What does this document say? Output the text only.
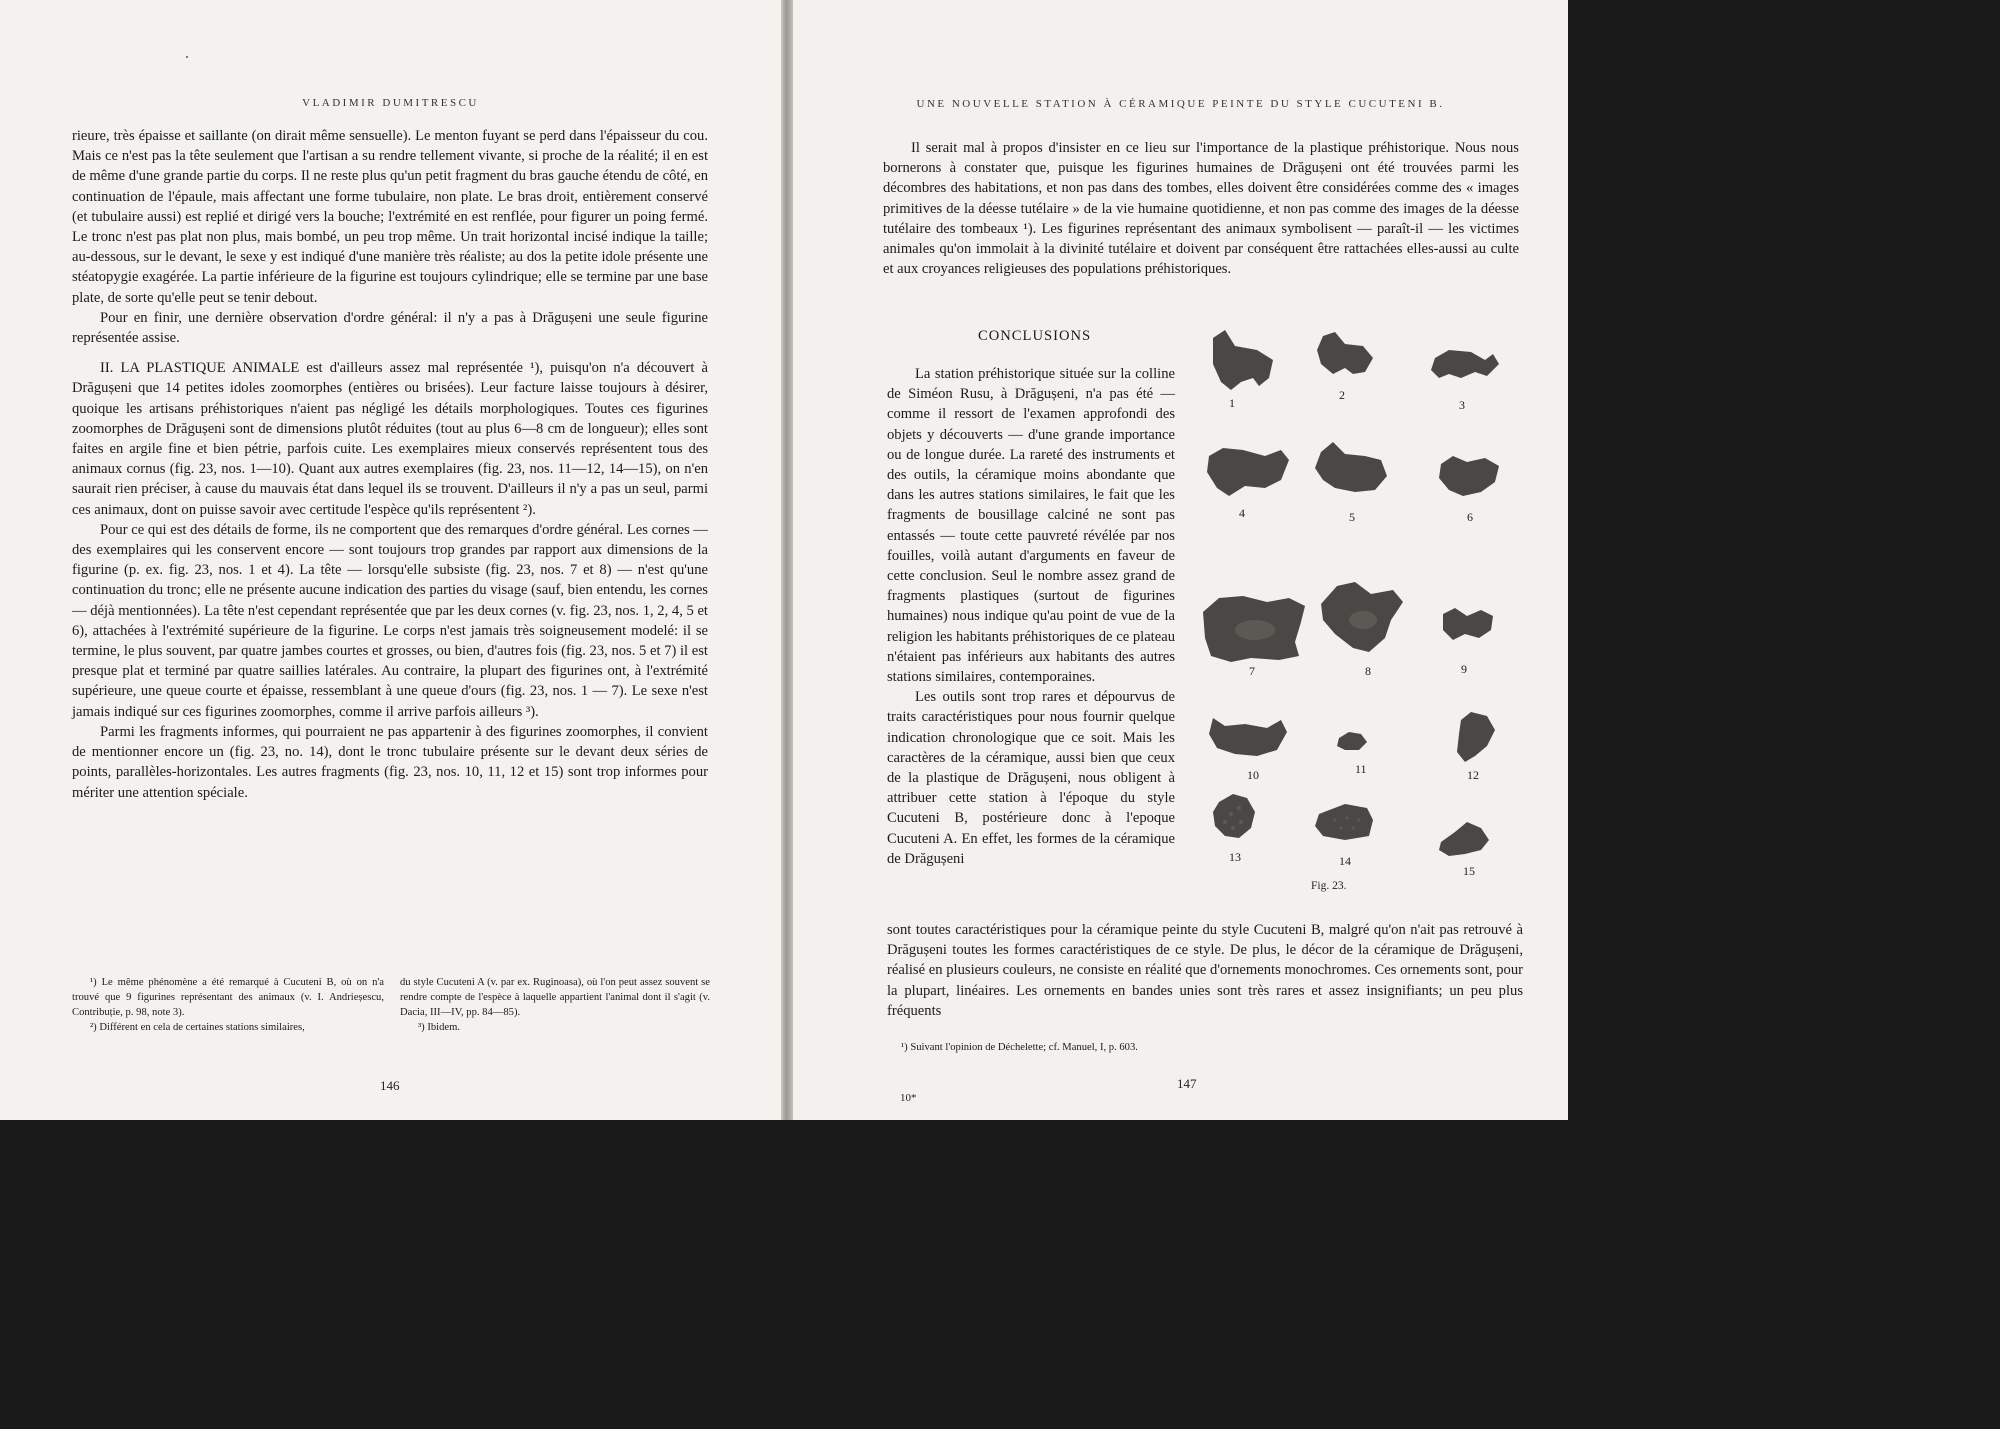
VLADIMIR DUMITRESCU

rieure, très épaisse et saillante (on dirait même sensuelle). Le menton fuyant se perd dans l'épaisseur du cou. Mais ce n'est pas la tête seulement que l'artisan a su rendre tellement vivante, si proche de la réalité; il en est de même d'une grande partie du corps. Il ne reste plus qu'un petit fragment du bras gauche étendu de côté, en continuation de l'épaule, mais affectant une forme tubulaire, non plate. Le bras droit, entièrement conservé (et tubulaire aussi) est replié et dirigé vers la bouche; l'extrémité en est renflée, pour figurer un poing fermé. Le tronc n'est pas plat non plus, mais bombé, un peu trop même. Un trait horizontal incisé indique la taille; au-dessous, sur le devant, le sexe y est indiqué d'une manière très réaliste; au dos la petite idole présente une stéatopygie exagérée. La partie inférieure de la figurine est toujours cylindrique; elle se termine par une base plate, de sorte qu'elle peut se tenir debout.

Pour en finir, une dernière observation d'ordre général: il n'y a pas à Drăgușeni une seule figurine représentée assise.

II. LA PLASTIQUE ANIMALE est d'ailleurs assez mal représentée ¹), puisqu'on n'a découvert à Drăgușeni que 14 petites idoles zoomorphes (entières ou brisées). Leur facture laisse toujours à désirer, quoique les artisans préhistoriques n'aient pas négligé les détails morphologiques. Toutes ces figurines zoomorphes de Drăgușeni sont de dimensions plutôt réduites (tout au plus 6—8 cm de longueur); elles sont faites en argile fine et bien pétrie, parfois cuite. Les exemplaires mieux conservés représentent tous des animaux cornus (fig. 23, nos. 1—10). Quant aux autres exemplaires (fig. 23, nos. 11—12, 14—15), on n'en saurait rien préciser, à cause du mauvais état dans lequel ils se trouvent. D'ailleurs il n'y a pas un seul, parmi ces animaux, dont on puisse savoir avec certitude l'espèce qu'ils représentent ²).

Pour ce qui est des détails de forme, ils ne comportent que des remarques d'ordre général. Les cornes — des exemplaires qui les conservent encore — sont toujours trop grandes par rapport aux dimensions de la figurine (p. ex. fig. 23, nos. 1 et 4). La tête — lorsqu'elle subsiste (fig. 23, nos. 7 et 8) — n'est qu'une continuation du tronc; elle ne présente aucune indication des parties du visage (sauf, bien entendu, les cornes — déjà mentionnées). La tête n'est cependant représentée que par les deux cornes (v. fig. 23, nos. 1, 2, 4, 5 et 6), attachées à l'extrémité supérieure de la figurine. Le corps n'est jamais très soigneusement modelé: il se termine, le plus souvent, par quatre jambes courtes et grosses, ou bien, d'autres fois (fig. 23, nos. 5 et 7) il est presque plat et terminé par quatre saillies latérales. Au contraire, la plupart des figurines ont, à l'extrémité supérieure, une queue courte et épaisse, ressemblant à une queue d'ours (fig. 23, nos. 1 — 7). Le sexe n'est jamais indiqué sur ces figurines zoomorphes, comme il arrive parfois ailleurs ³).

Parmi les fragments informes, qui pourraient ne pas appartenir à des figurines zoomorphes, il convient de mentionner encore un (fig. 23, no. 14), dont le tronc tubulaire présente sur le devant deux séries de points, parallèles-horizontales. Les autres fragments (fig. 23, nos. 10, 11, 12 et 15) sont trop informes pour mériter une attention spéciale.

¹) Le même phénomène a été remarqué à Cucuteni B, où on n'a trouvé que 9 figurines représentant des animaux (v. I. Andrieșescu, Contribuție, p. 98, note 3).

²) Différent en cela de certaines stations similaires,

du style Cucuteni A (v. par ex. Ruginoasa), où l'on peut assez souvent se rendre compte de l'espèce à laquelle appartient l'animal dont il s'agit (v. Dacia, III—IV, pp. 84—85).

³) Ibidem.

146
UNE NOUVELLE STATION À CÉRAMIQUE PEINTE DU STYLE CUCUTENI B.

Il serait mal à propos d'insister en ce lieu sur l'importance de la plastique préhistorique. Nous nous bornerons à constater que, puisque les figurines humaines de Drăgușeni ont été trouvées parmi les décombres des habitations, et non pas dans des tombes, elles doivent être considérées comme des « images primitives de la déesse tutélaire » de la vie humaine quotidienne, et non pas comme des images de la déesse tutélaire des tombeaux ¹). Les figurines représentant des animaux symbolisent — paraît-il — les victimes animales qu'on immolait à la divinité tutélaire et doivent par conséquent être rattachées elles-aussi au culte et aux croyances religieuses des populations préhistoriques.

CONCLUSIONS

La station préhistorique située sur la colline de Siméon Rusu, à Drăgușeni, n'a pas été — comme il ressort de l'examen approfondi des objets y découverts — d'une grande importance ou de longue durée. La rareté des instruments et des outils, la céramique moins abondante que dans les autres stations similaires, le fait que les fragments de bousillage calciné ne sont pas entassés — toute cette pauvreté révélée par nos fouilles, voilà autant d'arguments en faveur de cette conclusion. Seul le nombre assez grand de fragments plastiques (surtout de figurines humaines) nous indique qu'au point de vue de la religion les habitants préhistoriques de ce plateau n'étaient pas inférieurs aux habitants des autres stations similaires, contemporaines.

Les outils sont trop rares et dépourvus de traits caractéristiques pour nous fournir quelque indication chronologique que ce soit. Mais les caractères de la céramique, aussi bien que ceux de la plastique de Drăgușeni, nous obligent à attribuer cette station à l'époque du style Cucuteni B, postérieure donc à l'epoque Cucuteni A. En effet, les formes de la céramique de Drăgușeni

sont toutes caractéristiques pour la céramique peinte du style Cucuteni B, malgré qu'on n'ait pas retrouvé à Drăgușeni toutes les formes caractéristiques de ce style. De plus, le décor de la céramique de Drăgușeni, réalisé en plusieurs couleurs, ne consiste en réalité que d'ornements monochromes. Ces ornements sont, pour la plupart, linéaires. Les ornements en bandes unies sont très rares et assez insignifiants; un peu plus fréquents

¹) Suivant l'opinion de Déchelette; cf. Manuel, I, p. 603.

10*
147
1
2
3
4	5	6
7	8	9
10	11	12
13	14
15
Fig. 23.
